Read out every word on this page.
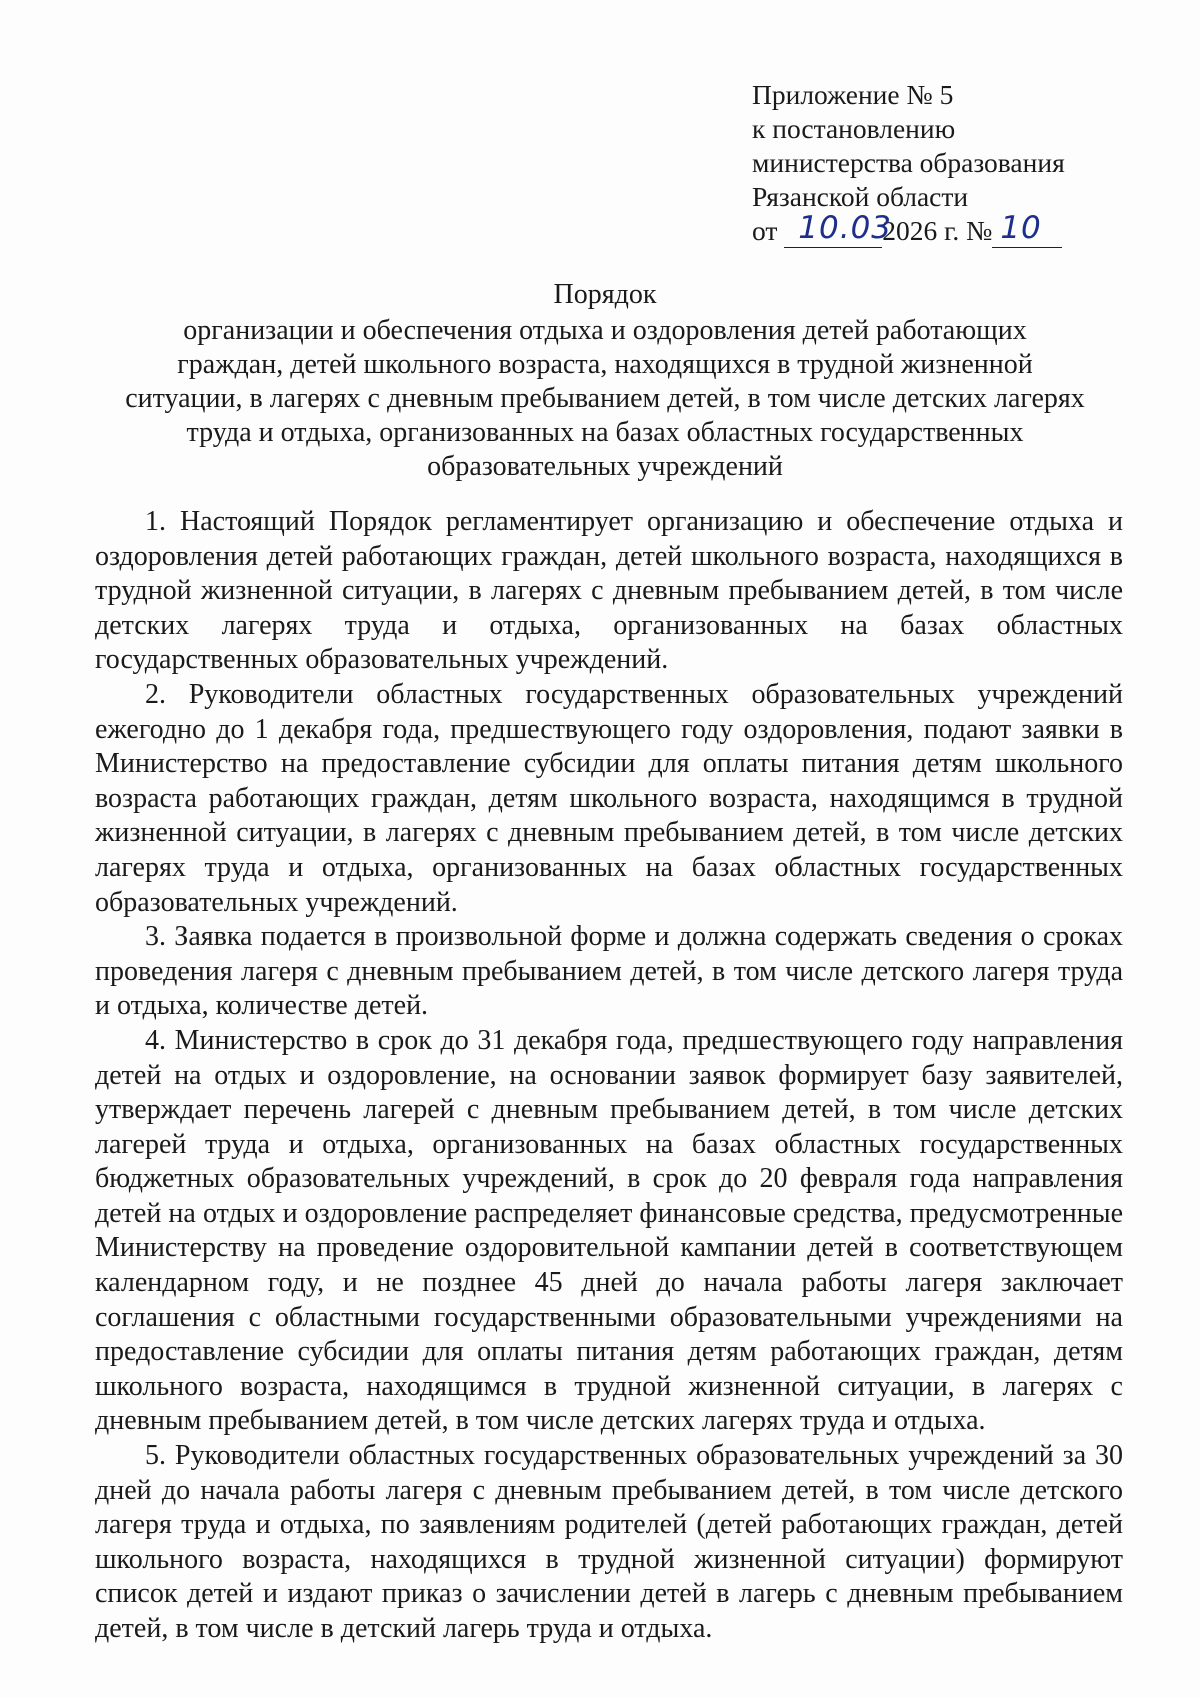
Приложение № 5
к постановлению
министерства образования
Рязанской области
от 10.03
2026 г. № 10
Порядок
организации и обеспечения отдыха и оздоровления детей работающих
граждан, детей школьного возраста, находящихся в трудной жизненной
ситуации, в лагерях с дневным пребыванием детей, в том числе детских лагерях
труда и отдыха, организованных на базах областных государственных
образовательных учреждений

1. Настоящий Порядок регламентирует организацию и обеспечение отдыха и оздоровления детей работающих граждан, детей школьного возраста, находящихся в трудной жизненной ситуации, в лагерях с дневным пребыванием детей, в том числе детских лагерях труда и отдыха, организованных на базах областных государственных образовательных учреждений.

2. Руководители областных государственных образовательных учреждений ежегодно до 1 декабря года, предшествующего году оздоровления, подают заявки в Министерство на предоставление субсидии для оплаты питания детям школьного возраста работающих граждан, детям школьного возраста, находящимся в трудной жизненной ситуации, в лагерях с дневным пребыванием детей, в том числе детских лагерях труда и отдыха, организованных на базах областных государственных образовательных учреждений.

3. Заявка подается в произвольной форме и должна содержать сведения о сроках проведения лагеря с дневным пребыванием детей, в том числе детского лагеря труда и отдыха, количестве детей.

4. Министерство в срок до 31 декабря года, предшествующего году направления детей на отдых и оздоровление, на основании заявок формирует базу заявителей, утверждает перечень лагерей с дневным пребыванием детей, в том числе детских лагерей труда и отдыха, организованных на базах областных государственных бюджетных образовательных учреждений, в срок до 20 февраля года направления детей на отдых и оздоровление распределяет финансовые средства, предусмотренные Министерству на проведение оздоровительной кампании детей в соответствующем календарном году, и не позднее 45 дней до начала работы лагеря заключает соглашения с областными государственными образовательными учреждениями на предоставление субсидии для оплаты питания детям работающих граждан, детям школьного возраста, находящимся в трудной жизненной ситуации, в лагерях с дневным пребыванием детей, в том числе детских лагерях труда и отдыха.

5. Руководители областных государственных образовательных учреждений за 30 дней до начала работы лагеря с дневным пребыванием детей, в том числе детского лагеря труда и отдыха, по заявлениям родителей (детей работающих граждан, детей школьного возраста, находящихся в трудной жизненной ситуации) формируют список детей и издают приказ о зачислении детей в лагерь с дневным пребыванием детей, в том числе в детский лагерь труда и отдыха.
